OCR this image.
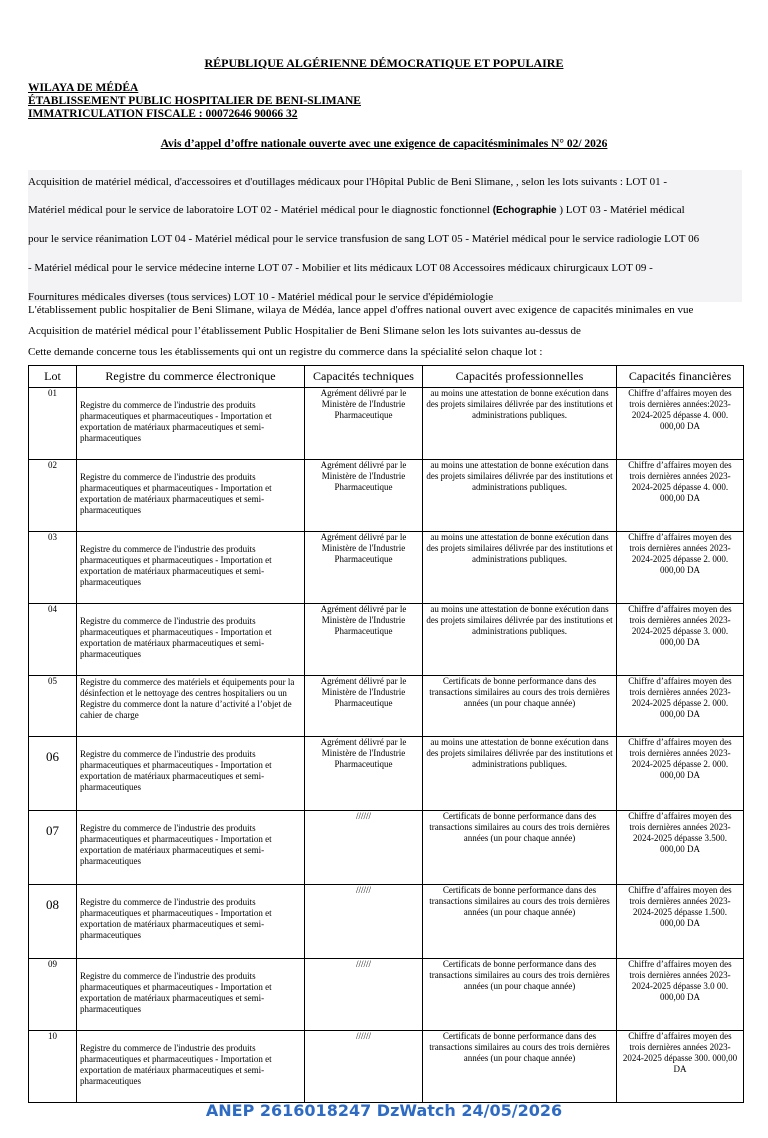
RÉPUBLIQUE ALGÉRIENNE DÉMOCRATIQUE ET POPULAIRE
WILAYA DE MÉDÉA
ÉTABLISSEMENT PUBLIC HOSPITALIER DE BENI-SLIMANE
IMMATRICULATION FISCALE : 00072646 90066 32
Avis d’appel d’offre nationale ouverte avec une exigence de capacitésminimales N° 02/ 2026
Acquisition de matériel médical, d'accessoires et d'outillages médicaux pour l'Hôpital Public de Beni Slimane, , selon les lots suivants : LOT 01 -
Matériel médical pour le service de laboratoire LOT 02 - Matériel médical pour le diagnostic fonctionnel (Echographie ) LOT 03 - Matériel médical
pour le service réanimation LOT 04 - Matériel médical pour le service transfusion de sang LOT 05 - Matériel médical pour le service radiologie LOT 06
- Matériel médical pour le service médecine interne LOT 07 - Mobilier et lits médicaux LOT 08 Accessoires médicaux chirurgicaux LOT 09 -
Fournitures médicales diverses (tous services) LOT 10 - Matériel médical pour le service d'épidémiologie
L'établissement public hospitalier de Beni Slimane, wilaya de Médéa, lance appel d'offres national ouvert avec exigence de capacités minimales en vue
Acquisition de matériel médical pour l’établissement Public Hospitalier de Beni Slimane selon les lots suivantes au-dessus de
Cette demande concerne tous les établissements qui ont un registre du commerce dans la spécialité selon chaque lot :
Lot	Registre du commerce électronique	Capacités techniques	Capacités professionnelles	Capacités financières
01	Registre du commerce de l'industrie des produits pharmaceutiques et pharmaceutiques - Importation et exportation de matériaux pharmaceutiques et semi-pharmaceutiques	Agrément délivré par le Ministère de l'Industrie Pharmaceutique	au moins une attestation de bonne exécution dans des projets similaires délivrée par des institutions et administrations publiques.	Chiffre d’affaires moyen des trois dernières années:2023-2024-2025 dépasse 4. 000. 000,00 DA
02	Registre du commerce de l'industrie des produits pharmaceutiques et pharmaceutiques - Importation et exportation de matériaux pharmaceutiques et semi-pharmaceutiques	Agrément délivré par le Ministère de l'Industrie Pharmaceutique	au moins une attestation de bonne exécution dans des projets similaires délivrée par des institutions et administrations publiques.	Chiffre d’affaires moyen des trois dernières années 2023-2024-2025 dépasse 4. 000. 000,00 DA
03	Registre du commerce de l'industrie des produits pharmaceutiques et pharmaceutiques - Importation et exportation de matériaux pharmaceutiques et semi-pharmaceutiques	Agrément délivré par le Ministère de l'Industrie Pharmaceutique	au moins une attestation de bonne exécution dans des projets similaires délivrée par des institutions et administrations publiques.	Chiffre d’affaires moyen des trois dernières années 2023-2024-2025 dépasse 2. 000. 000,00 DA
04	Registre du commerce de l'industrie des produits pharmaceutiques et pharmaceutiques - Importation et exportation de matériaux pharmaceutiques et semi-pharmaceutiques	Agrément délivré par le Ministère de l'Industrie Pharmaceutique	au moins une attestation de bonne exécution dans des projets similaires délivrée par des institutions et administrations publiques.	Chiffre d’affaires moyen des trois dernières années 2023-2024-2025 dépasse 3. 000. 000,00 DA
05	Registre du commerce des matériels et équipements pour la désinfection et le nettoyage des centres hospitaliers ou un Registre du commerce dont la nature d’activité a l’objet de cahier de charge	Agrément délivré par le Ministère de l'Industrie Pharmaceutique	Certificats de bonne performance dans des transactions similaires au cours des trois dernières années (un pour chaque année)	Chiffre d’affaires moyen des trois dernières années 2023-2024-2025 dépasse 2. 000. 000,00 DA
06	Registre du commerce de l'industrie des produits pharmaceutiques et pharmaceutiques - Importation et exportation de matériaux pharmaceutiques et semi-pharmaceutiques	Agrément délivré par le Ministère de l'Industrie Pharmaceutique	au moins une attestation de bonne exécution dans des projets similaires délivrée par des institutions et administrations publiques.	Chiffre d’affaires moyen des trois dernières années 2023-2024-2025 dépasse 2. 000. 000,00 DA
07	Registre du commerce de l'industrie des produits pharmaceutiques et pharmaceutiques - Importation et exportation de matériaux pharmaceutiques et semi-pharmaceutiques	//////	Certificats de bonne performance dans des transactions similaires au cours des trois dernières années (un pour chaque année)	Chiffre d’affaires moyen des trois dernières années 2023-2024-2025 dépasse 3.500. 000,00 DA
08	Registre du commerce de l'industrie des produits pharmaceutiques et pharmaceutiques - Importation et exportation de matériaux pharmaceutiques et semi-pharmaceutiques	//////	Certificats de bonne performance dans des transactions similaires au cours des trois dernières années (un pour chaque année)	Chiffre d’affaires moyen des trois dernières années 2023-2024-2025 dépasse 1.500. 000,00 DA
09	Registre du commerce de l'industrie des produits pharmaceutiques et pharmaceutiques - Importation et exportation de matériaux pharmaceutiques et semi-pharmaceutiques	//////	Certificats de bonne performance dans des transactions similaires au cours des trois dernières années (un pour chaque année)	Chiffre d’affaires moyen des trois dernières années 2023-2024-2025 dépasse 3.0 00. 000,00 DA
10	Registre du commerce de l'industrie des produits pharmaceutiques et pharmaceutiques - Importation et exportation de matériaux pharmaceutiques et semi-pharmaceutiques	//////	Certificats de bonne performance dans des transactions similaires au cours des trois dernières années (un pour chaque année)	Chiffre d’affaires moyen des trois dernières années 2023-2024-2025 dépasse 300. 000,00 DA
ANEP 2616018247 DzWatch 24/05/2026
